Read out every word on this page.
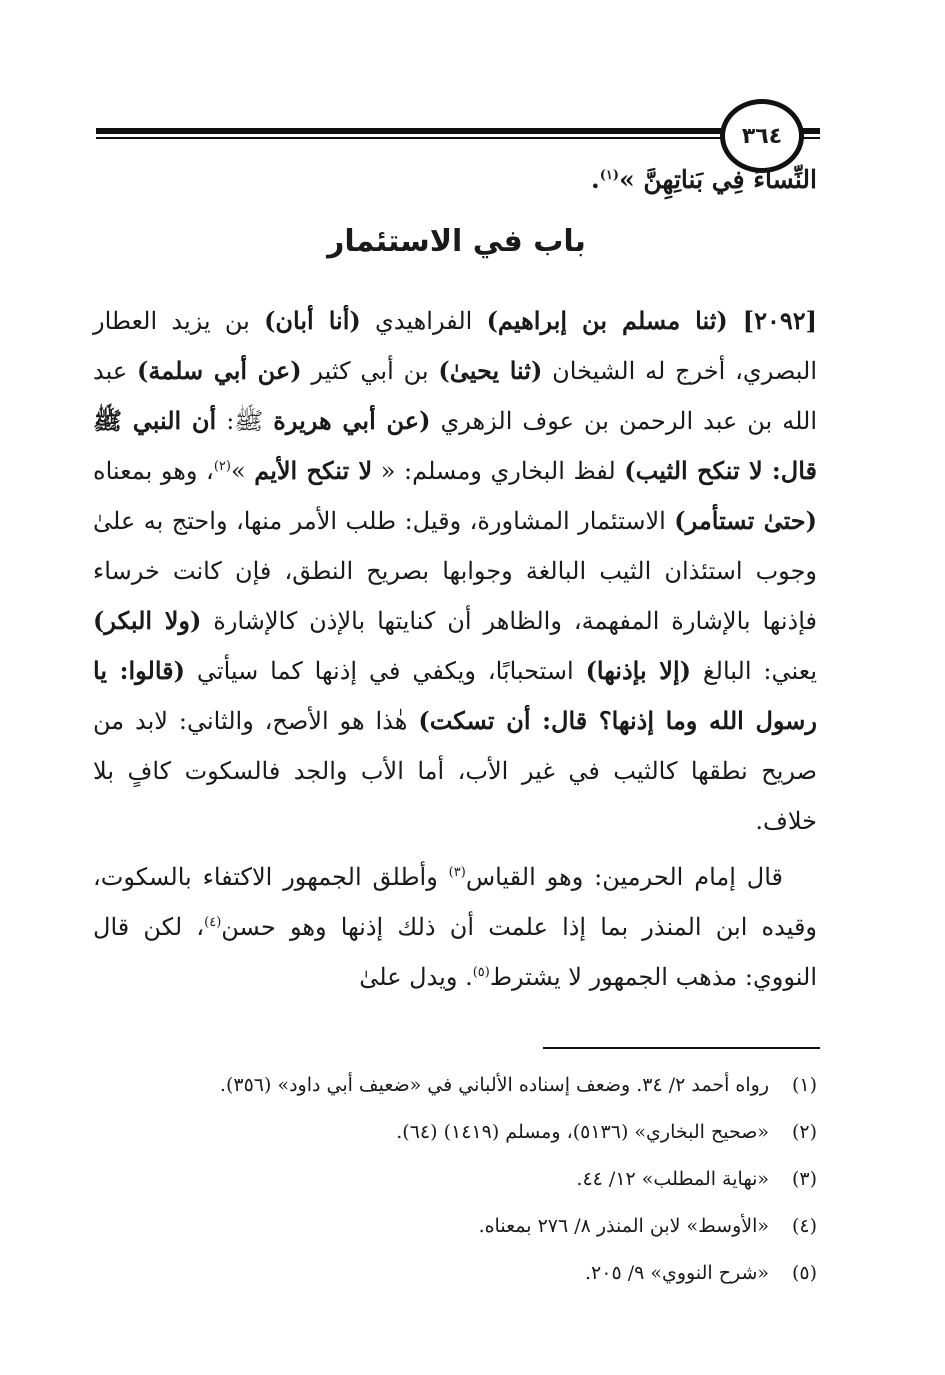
٣٦٤
النِّساءَ فِي بَناتِهِنَّ »$^{(١)}$.
باب في الاستئمار

[٢٠٩٢] (ثنا مسلم بن إبراهيم) الفراهيدي (أنا أبان) بن يزيد العطار البصري، أخرج له الشيخان (ثنا يحيىٰ) بن أبي كثير (عن أبي سلمة) عبد الله بن عبد الرحمن بن عوف الزهري (عن أبي هريرة ﷺ: أن النبي ﷺ قال: لا تنكح الثيب) لفظ البخاري ومسلم: « لا تنكح الأيم »$^{(٢)}$، وهو بمعناه (حتىٰ تستأمر) الاستئمار المشاورة، وقيل: طلب الأمر منها، واحتج به علىٰ وجوب استئذان الثيب البالغة وجوابها بصريح النطق، فإن كانت خرساء فإذنها بالإشارة المفهمة، والظاهر أن كنايتها بالإذن كالإشارة (ولا البكر) يعني: البالغ (إلا بإذنها) استحبابًا، ويكفي في إذنها كما سيأتي (قالوا: يا رسول الله وما إذنها؟ قال: أن تسكت) هٰذا هو الأصح، والثاني: لابد من صريح نطقها كالثيب في غير الأب، أما الأب والجد فالسكوت كافٍ بلا خلاف.

قال إمام الحرمين: وهو القياس$^{(٣)}$ وأطلق الجمهور الاكتفاء بالسكوت، وقيده ابن المنذر بما إذا علمت أن ذلك إذنها وهو حسن$^{(٤)}$، لكن قال النووي: مذهب الجمهور لا يشترط$^{(٥)}$. ويدل علىٰ

(١)
رواه أحمد ٢/ ٣٤. وضعف إسناده الألباني في «ضعيف أبي داود» (٣٥٦).
(٢)
«صحيح البخاري» (٥١٣٦)، ومسلم (١٤١٩) (٦٤).
(٣)
«نهاية المطلب» ١٢/ ٤٤.
(٤)
«الأوسط» لابن المنذر ٨/ ٢٧٦ بمعناه.
(٥)
«شرح النووي» ٩/ ٢٠٥.
